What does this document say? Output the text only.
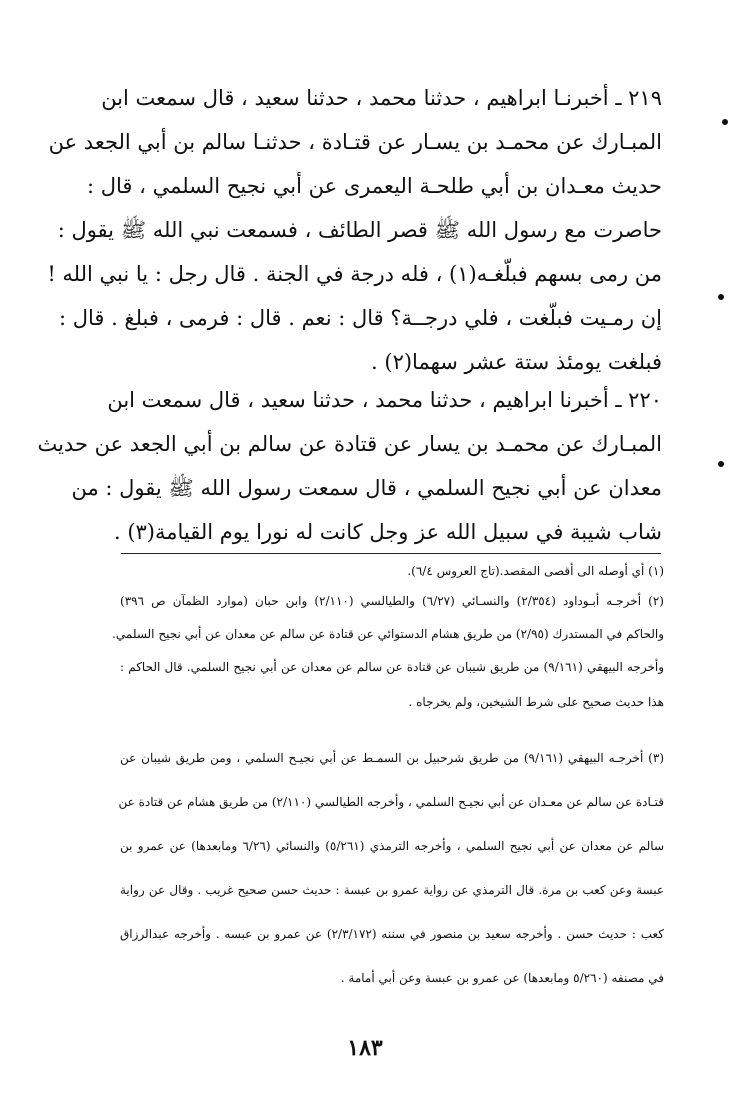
٢١٩ ـ أخبرنـا ابراهيم ، حدثنا محمد ، حدثنا سعيد ، قال سمعت ابن
المبـارك عن محمـد بن يسـار عن قتـادة ، حدثنـا سالم بن أبي الجعد عن
حديث معـدان بن أبي طلحـة اليعمرى عن أبي نجيح السلمي ، قال :
حاصرت مع رسول الله ﷺ قصر الطائف ، فسمعت نبي الله ﷺ يقول :
من رمى بسهم فبلّغـه(١) ، فله درجة في الجنة . قال رجل : يا نبي الله !
إن رمـيت فبلّغت ، فلي درجــة؟ قال : نعم . قال : فرمى ، فبلغ . قال :
فبلغت يومئذ ستة عشر سهما(٢) .
٢٢٠ ـ أخبرنا ابراهيم ، حدثنا محمد ، حدثنا سعيد ، قال سمعت ابن
المبـارك عن محمـد بن يسار عن قتادة عن سالم بن أبي الجعد عن حديث
معدان عن أبي نجيح السلمي ، قال سمعت رسول الله ﷺ يقول : من
شاب شيبة في سبيل الله عز وجل كانت له نورا يوم القيامة(٣) .
(١) أي أوصله الى أقصى المقصد.(تاج العروس ٦/٤).
(٢) أخرجـه أبـوداود (٢/٣٥٤) والنسـائي (٦/٢٧) والطيالسي (٢/١١٠) وابن حبان (موارد الظمآن ص ٣٩٦)
والحاكم في المستدرك (٢/٩٥) من طريق هشام الدستوائي عن قتادة عن سالم عن معدان عن أبي نجيح السلمي.
وأخرجه البيهقي (٩/١٦١) من طريق شيبان عن قتادة عن سالم عن معدان عن أبي نجيح السلمي. قال الحاكم :
هذا حديث صحيح على شرط الشيخين، ولم يخرجاه .
(٣) أخرجـه البيهقي (٩/١٦١) من طريق شرحبيل بن السمـط عن أبي نجيـح السلمي ، ومن طريق شيبان عن
قتـادة عن سالم عن معـدان عن أبي نجيـح السلمي ، وأخرجه الطيالسي (٢/١١٠) من طريق هشام عن قتادة عن
سالم عن معدان عن أبي نجيح السلمي ، وأخرجه الترمذي (٥/٢٦١) والنسائي (٦/٢٦ ومابعدها) عن عمرو بن
عبسة وعن كعب بن مرة. قال الترمذي عن رواية عمرو بن عبسة : حديث حسن صحيح غريب . وقال عن رواية
كعب : حديث حسن . وأخرجه سعيد بن منصور في سننه (٢/٣/١٧٢) عن عمرو بن عبسه . وأخرجه عبدالرزاق
في مصنفه (٥/٢٦٠ ومابعدها) عن عمرو بن عبسة وعن أبي أمامة .
١٨٣
